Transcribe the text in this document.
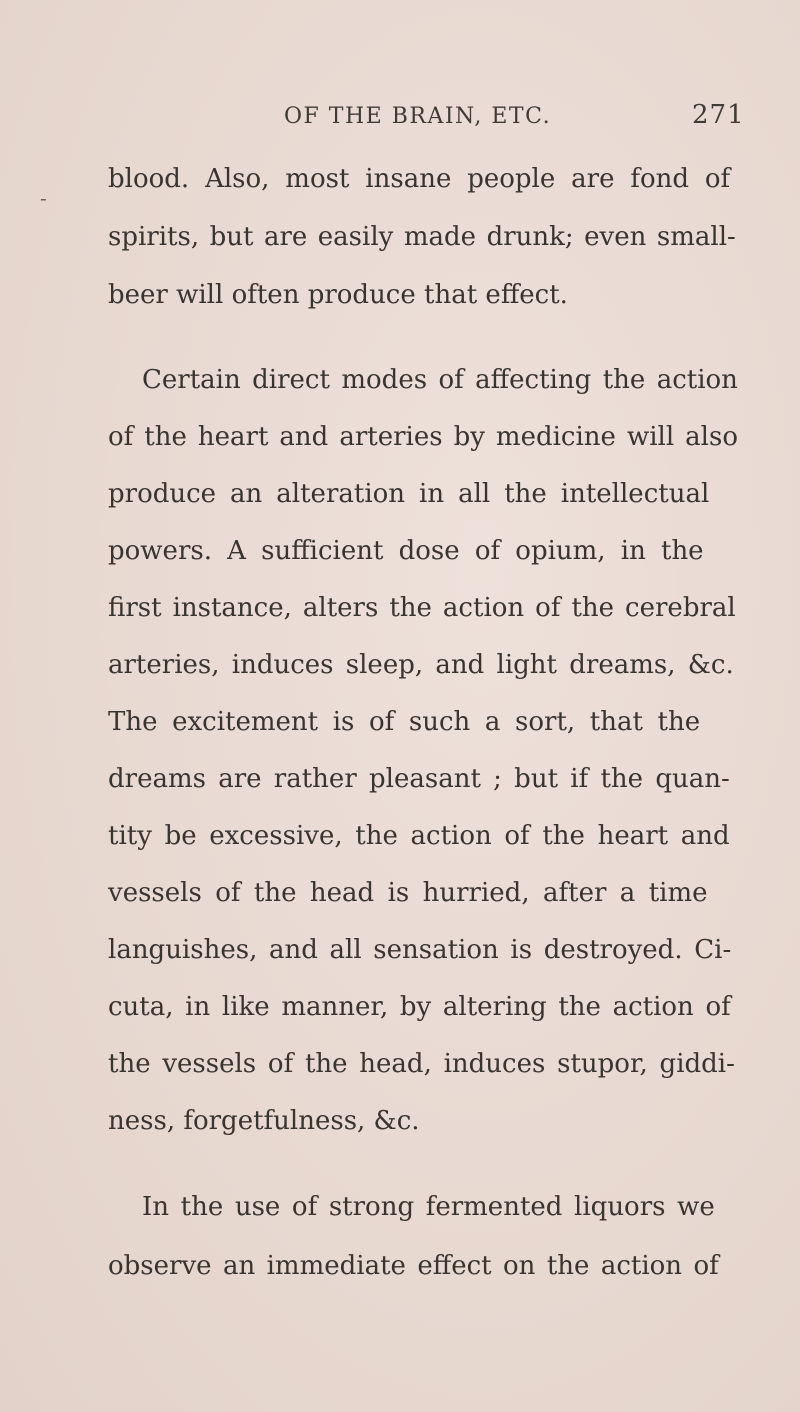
OF THE BRAIN, ETC.	271
-
blood. Also, most insane people are fond of
spirits, but are easily made drunk; even small-
beer will often produce that effect.
Certain direct modes of affecting the action
of the heart and arteries by medicine will also
produce an alteration in all the intellectual
powers. A sufficient dose of opium, in the
first instance, alters the action of the cerebral
arteries, induces sleep, and light dreams, &c.
The excitement is of such a sort, that the
dreams are rather pleasant ; but if the quan-
tity be excessive, the action of the heart and
vessels of the head is hurried, after a time
languishes, and all sensation is destroyed. Ci-
cuta, in like manner, by altering the action of
the vessels of the head, induces stupor, giddi-
ness, forgetfulness, &c.
In the use of strong fermented liquors we
observe an immediate effect on the action of
